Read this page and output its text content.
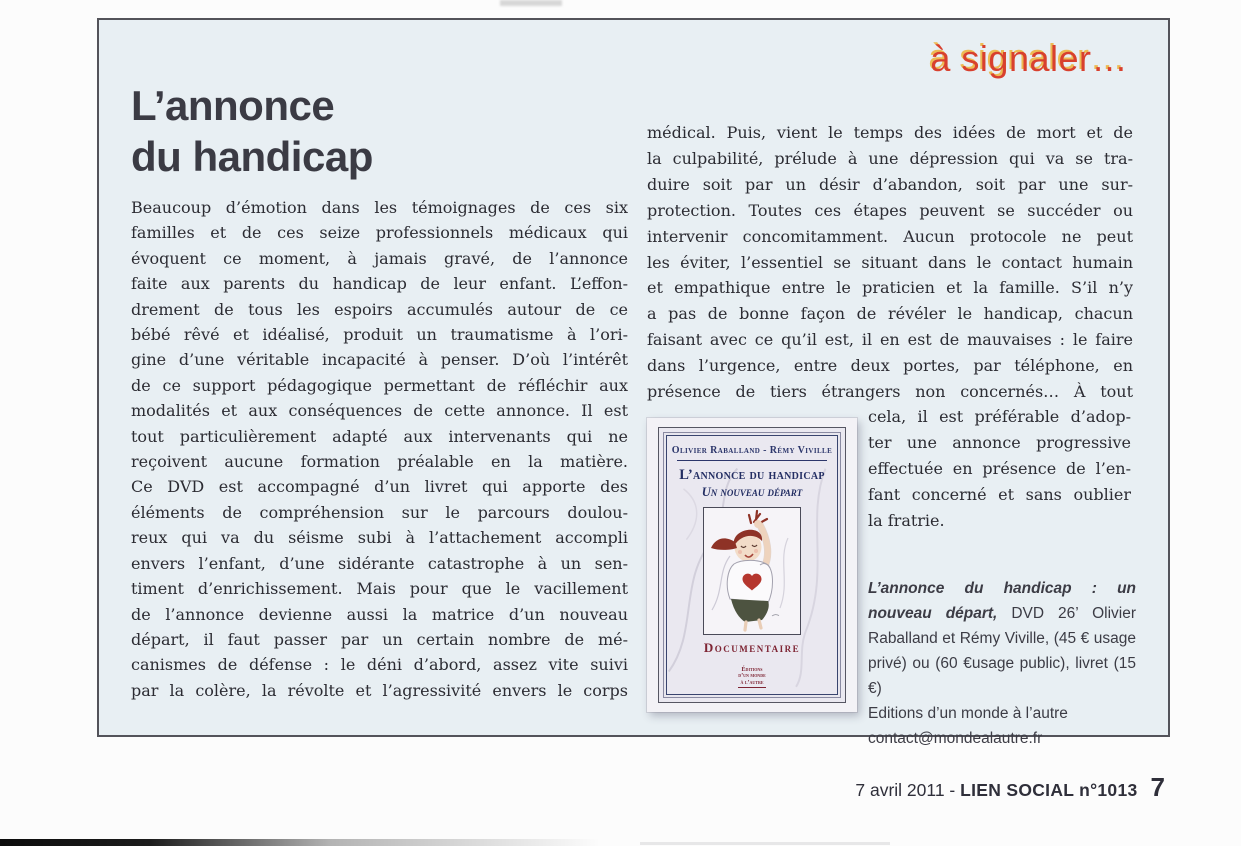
à signaler…
L’annonce
du handicap
Beaucoup d’émotion dans les témoignages de ces six
familles et de ces seize professionnels médicaux qui
évoquent ce moment, à jamais gravé, de l’annonce
faite aux parents du handicap de leur enfant. L’effon-
drement de tous les espoirs accumulés autour de ce
bébé rêvé et idéalisé, produit un traumatisme à l’ori-
gine d’une véritable incapacité à penser. D’où l’intérêt
de ce support pédagogique permettant de réfléchir aux
modalités et aux conséquences de cette annonce. Il est
tout particulièrement adapté aux intervenants qui ne
reçoivent aucune formation préalable en la matière.
Ce DVD est accompagné d’un livret qui apporte des
éléments de compréhension sur le parcours doulou-
reux qui va du séisme subi à l’attachement accompli
envers l’enfant, d’une sidérante catastrophe à un sen-
timent d’enrichissement. Mais pour que le vacillement
de l’annonce devienne aussi la matrice d’un nouveau
départ, il faut passer par un certain nombre de mé-
canismes de défense : le déni d’abord, assez vite suivi
par la colère, la révolte et l’agressivité envers le corps
médical. Puis, vient le temps des idées de mort et de
la culpabilité, prélude à une dépression qui va se tra-
duire soit par un désir d’abandon, soit par une sur-
protection. Toutes ces étapes peuvent se succéder ou
intervenir concomitamment. Aucun protocole ne peut
les éviter, l’essentiel se situant dans le contact humain
et empathique entre le praticien et la famille. S’il n’y
a pas de bonne façon de révéler le handicap, chacun
faisant avec ce qu’il est, il en est de mauvaises : le faire
dans l’urgence, entre deux portes, par téléphone, en
présence de tiers étrangers non concernés… À tout
cela, il est préférable d’adop-
ter une annonce progressive
effectuée en présence de l’en-
fant concerné et sans oublier
la fratrie.
Olivier Raballand - Rémy Viville
L’annonce du handicap
Un nouveau départ
Documentaire
Éditions
d’un monde
à l’autre

L’annonce du handicap : un nouveau départ, DVD 26’ Olivier Raballand et Rémy Viville, (45 € usage privé) ou (60 €usage public), livret (15 €)

Editions d’un monde à l’autre
contact@mondealautre.fr
7 avril 2011 - LIEN SOCIAL n°1013 7
